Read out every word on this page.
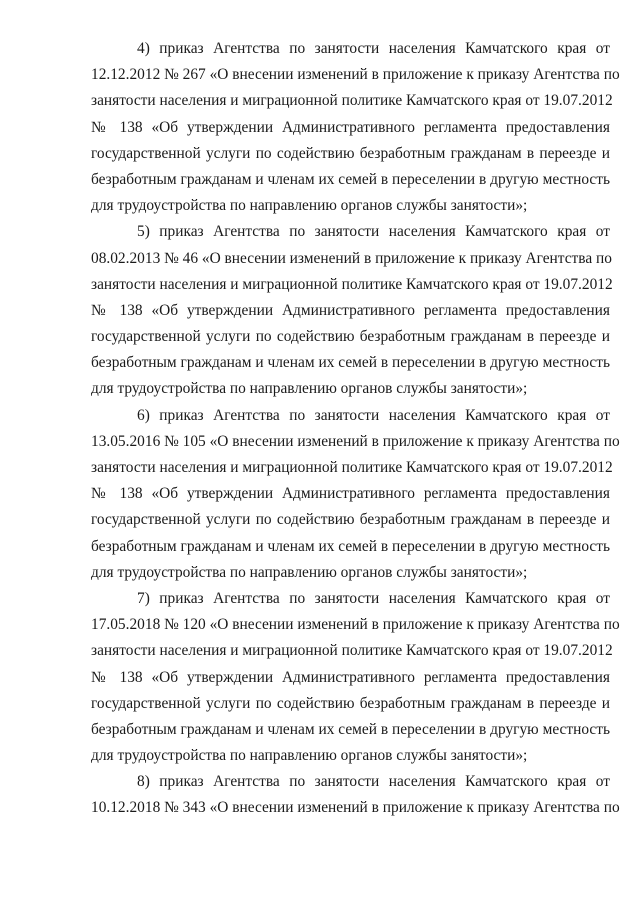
4) приказ Агентства по занятости населения Камчатского края от
12.12.2012 № 267 «О внесении изменений в приложение к приказу Агентства по
занятости населения и миграционной политике Камчатского края от 19.07.2012
№ 138 «Об утверждении Административного регламента предоставления
государственной услуги по содействию безработным гражданам в переезде и
безработным гражданам и членам их семей в переселении в другую местность
для трудоустройства по направлению органов службы занятости»;
5) приказ Агентства по занятости населения Камчатского края от
08.02.2013 № 46 «О внесении изменений в приложение к приказу Агентства по
занятости населения и миграционной политике Камчатского края от 19.07.2012
№ 138 «Об утверждении Административного регламента предоставления
государственной услуги по содействию безработным гражданам в переезде и
безработным гражданам и членам их семей в переселении в другую местность
для трудоустройства по направлению органов службы занятости»;
6) приказ Агентства по занятости населения Камчатского края от
13.05.2016 № 105 «О внесении изменений в приложение к приказу Агентства по
занятости населения и миграционной политике Камчатского края от 19.07.2012
№ 138 «Об утверждении Административного регламента предоставления
государственной услуги по содействию безработным гражданам в переезде и
безработным гражданам и членам их семей в переселении в другую местность
для трудоустройства по направлению органов службы занятости»;
7) приказ Агентства по занятости населения Камчатского края от
17.05.2018 № 120 «О внесении изменений в приложение к приказу Агентства по
занятости населения и миграционной политике Камчатского края от 19.07.2012
№ 138 «Об утверждении Административного регламента предоставления
государственной услуги по содействию безработным гражданам в переезде и
безработным гражданам и членам их семей в переселении в другую местность
для трудоустройства по направлению органов службы занятости»;
8) приказ Агентства по занятости населения Камчатского края от
10.12.2018 № 343 «О внесении изменений в приложение к приказу Агентства по
